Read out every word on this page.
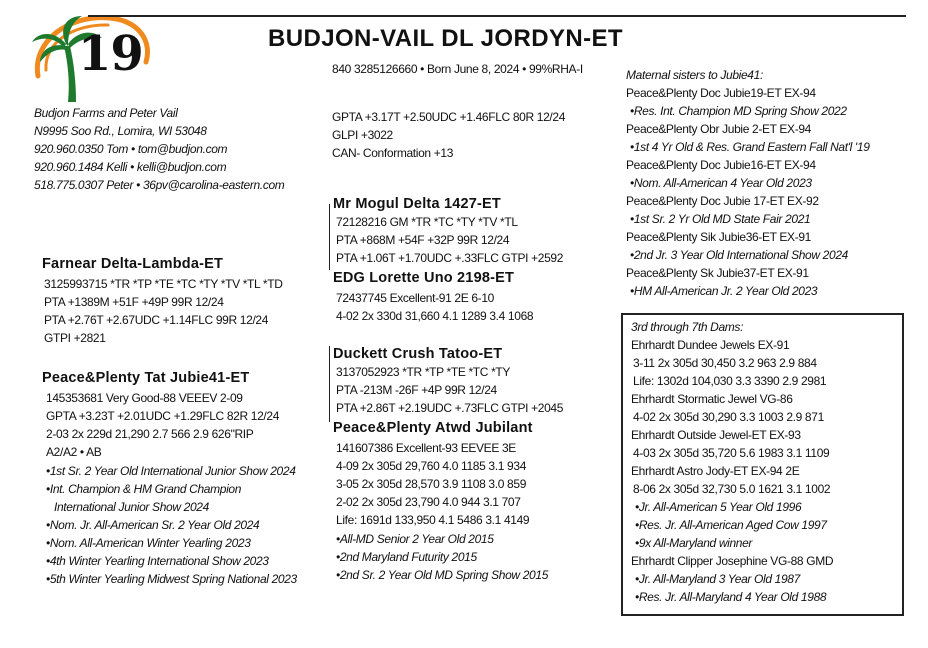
19	BUDJON-VAIL DL JORDYN-ET
840 3285126660 • Born June 8, 2024 • 99%RHA-I
Budjon Farms and Peter Vail
N9995 Soo Rd., Lomira, WI 53048
920.960.0350 Tom • tom@budjon.com
920.960.1484 Kelli • kelli@budjon.com
518.775.0307 Peter • 36pv@carolina-eastern.com
GPTA +3.17T +2.50UDC +1.46FLC 80R 12/24
GLPI +3022
CAN- Conformation +13
Farnear Delta-Lambda-ET
3125993715 *TR *TP *TE *TC *TY *TV *TL *TD
PTA +1389M +51F +49P 99R 12/24
PTA +2.76T +2.67UDC +1.14FLC 99R 12/24
GTPI +2821
Peace&Plenty Tat Jubie41-ET
145353681 Very Good-88 VEEEV 2-09
GPTA +3.23T +2.01UDC +1.29FLC 82R 12/24
2-03 2x 229d 21,290 2.7 566 2.9 626"RIP
A2/A2 • AB
•1st Sr. 2 Year Old International Junior Show 2024
•Int. Champion & HM Grand Champion
International Junior Show 2024
•Nom. Jr. All-American Sr. 2 Year Old 2024
•Nom. All-American Winter Yearling 2023
•4th Winter Yearling International Show 2023
•5th Winter Yearling Midwest Spring National 2023
Mr Mogul Delta 1427-ET
72128216 GM *TR *TC *TY *TV *TL
PTA +868M +54F +32P 99R 12/24
PTA +1.06T +1.70UDC +.33FLC GTPI +2592
EDG Lorette Uno 2198-ET
72437745 Excellent-91 2E 6-10
4-02 2x 330d 31,660 4.1 1289 3.4 1068
Duckett Crush Tatoo-ET
3137052923 *TR *TP *TE *TC *TY
PTA -213M -26F +4P 99R 12/24
PTA +2.86T +2.19UDC +.73FLC GTPI +2045
Peace&Plenty Atwd Jubilant
141607386 Excellent-93 EEVEE 3E
4-09 2x 305d 29,760 4.0 1185 3.1 934
3-05 2x 305d 28,570 3.9 1108 3.0 859
2-02 2x 305d 23,790 4.0 944 3.1 707
Life: 1691d 133,950 4.1 5486 3.1 4149
•All-MD Senior 2 Year Old 2015
•2nd Maryland Futurity 2015
•2nd Sr. 2 Year Old MD Spring Show 2015
Maternal sisters to Jubie41:
Peace&Plenty Doc Jubie19-ET EX-94
•Res. Int. Champion MD Spring Show 2022
Peace&Plenty Obr Jubie 2-ET EX-94
•1st 4 Yr Old & Res. Grand Eastern Fall Nat'l '19
Peace&Plenty Doc Jubie16-ET EX-94
•Nom. All-American 4 Year Old 2023
Peace&Plenty Doc Jubie 17-ET EX-92
•1st Sr. 2 Yr Old MD State Fair 2021
Peace&Plenty Sik Jubie36-ET EX-91
•2nd Jr. 3 Year Old International Show 2024
Peace&Plenty Sk Jubie37-ET EX-91
•HM All-American Jr. 2 Year Old 2023
3rd through 7th Dams:
Ehrhardt Dundee Jewels EX-91
3-11 2x 305d 30,450 3.2 963 2.9 884
Life: 1302d 104,030 3.3 3390 2.9 2981
Ehrhardt Stormatic Jewel VG-86
4-02 2x 305d 30,290 3.3 1003 2.9 871
Ehrhardt Outside Jewel-ET EX-93
4-03 2x 305d 35,720 5.6 1983 3.1 1109
Ehrhardt Astro Jody-ET EX-94 2E
8-06 2x 305d 32,730 5.0 1621 3.1 1002
•Jr. All-American 5 Year Old 1996
•Res. Jr. All-American Aged Cow 1997
•9x All-Maryland winner
Ehrhardt Clipper Josephine VG-88 GMD
•Jr. All-Maryland 3 Year Old 1987
•Res. Jr. All-Maryland 4 Year Old 1988
